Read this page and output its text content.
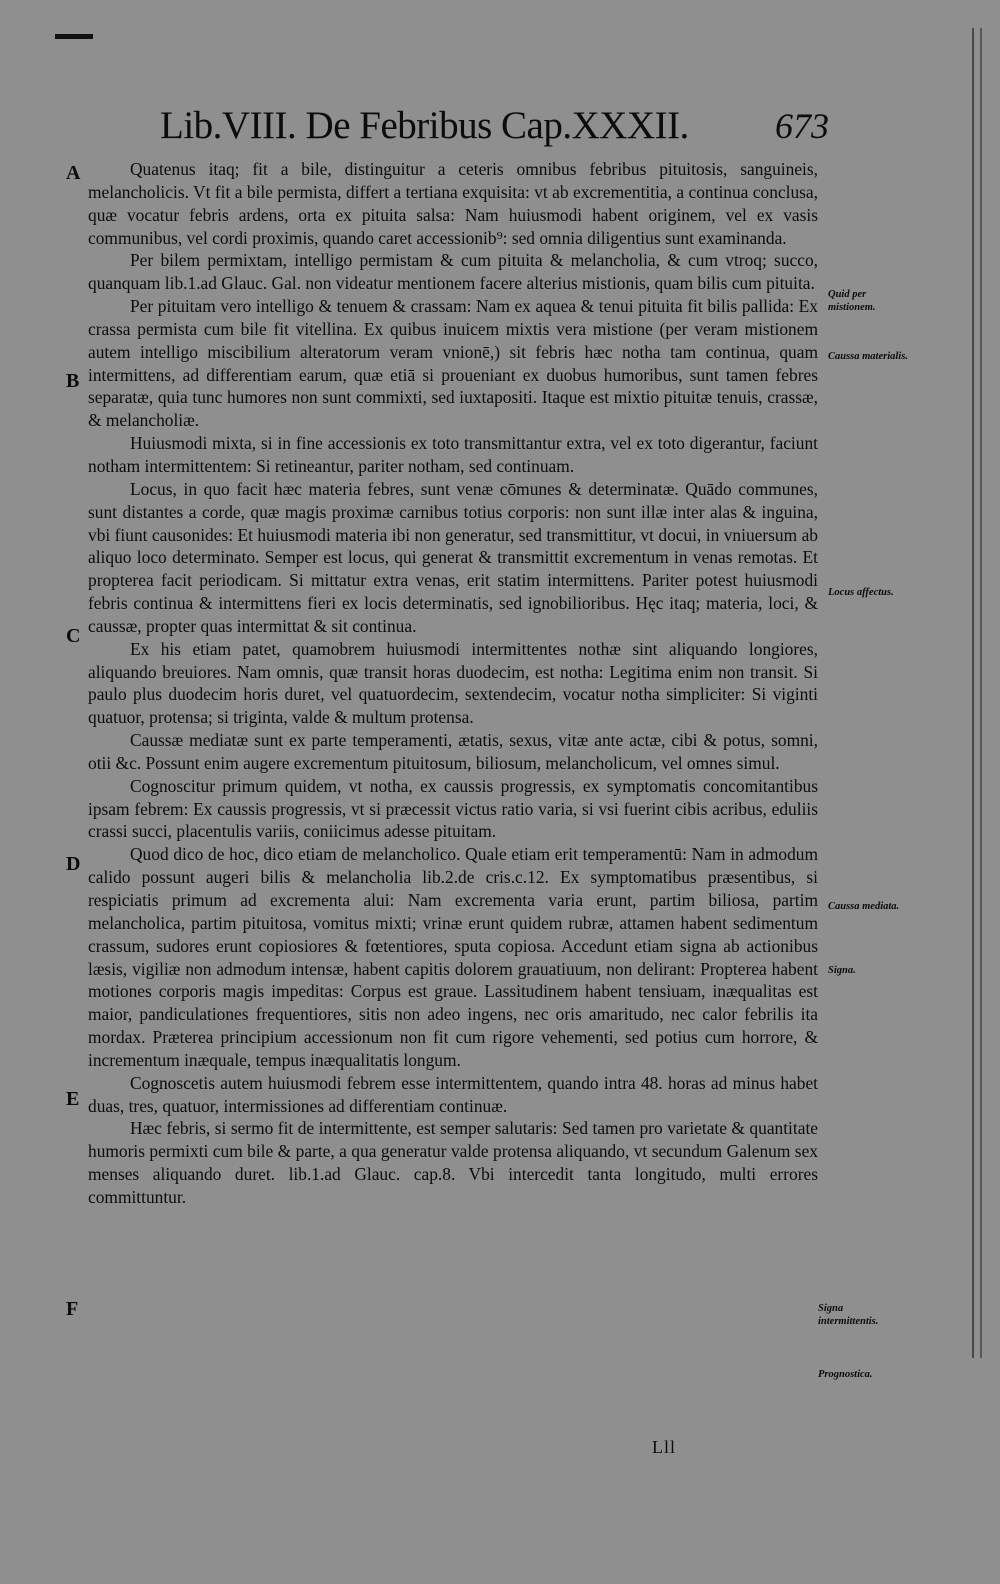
Lib.VIII. De Febribus Cap.XXXII. 673
A
B
C
D
E
F
Quid per mistionem.
Caussa materialis.
Locus affectus.
Caussa mediata.
Signa.
Signa intermittentis.
Prognostica.

Quatenus itaq; fit a bile, distinguitur a ceteris omnibus febribus pituitosis, sanguineis, melancholicis. Vt fit a bile permista, differt a tertiana exquisita: vt ab excrementitia, a continua conclusa, quæ vocatur febris ardens, orta ex pituita salsa: Nam huiusmodi habent originem, vel ex vasis communibus, vel cordi proximis, quando caret accessionib⁹: sed omnia diligentius sunt examinanda.

Per bilem permixtam, intelligo permistam & cum pituita & melancholia, & cum vtroq; succo, quanquam lib.1.ad Glauc. Gal. non videatur mentionem facere alterius mistionis, quam bilis cum pituita.

Per pituitam vero intelligo & tenuem & crassam: Nam ex aquea & tenui pituita fit bilis pallida: Ex crassa permista cum bile fit vitellina. Ex quibus inuicem mixtis vera mistione (per veram mistionem autem intelligo miscibilium alteratorum veram vnionē,) sit febris hæc notha tam continua, quam intermittens, ad differentiam earum, quæ etiā si proueniant ex duobus humoribus, sunt tamen febres separatæ, quia tunc humores non sunt commixti, sed iuxtapositi. Itaque est mixtio pituitæ tenuis, crassæ, & melancholiæ.

Huiusmodi mixta, si in fine accessionis ex toto transmittantur extra, vel ex toto digerantur, faciunt notham intermittentem: Si retineantur, pariter notham, sed continuam.

Locus, in quo facit hæc materia febres, sunt venæ cōmunes & determinatæ. Quādo communes, sunt distantes a corde, quæ magis proximæ carnibus totius corporis: non sunt illæ inter alas & inguina, vbi fiunt causonides: Et huiusmodi materia ibi non generatur, sed transmittitur, vt docui, in vniuersum ab aliquo loco determinato. Semper est locus, qui generat & transmittit excrementum in venas remotas. Et propterea facit periodicam. Si mittatur extra venas, erit statim intermittens. Pariter potest huiusmodi febris continua & intermittens fieri ex locis determinatis, sed ignobilioribus. Hęc itaq; materia, loci, & caussæ, propter quas intermittat & sit continua.

Ex his etiam patet, quamobrem huiusmodi intermittentes nothæ sint aliquando longiores, aliquando breuiores. Nam omnis, quæ transit horas duodecim, est notha: Legitima enim non transit. Si paulo plus duodecim horis duret, vel quatuordecim, sextendecim, vocatur notha simpliciter: Si viginti quatuor, protensa; si triginta, valde & multum protensa.

Caussæ mediatæ sunt ex parte temperamenti, ætatis, sexus, vitæ ante actæ, cibi & potus, somni, otii &c. Possunt enim augere excrementum pituitosum, biliosum, melancholicum, vel omnes simul.

Cognoscitur primum quidem, vt notha, ex caussis progressis, ex symptomatis concomitantibus ipsam febrem: Ex caussis progressis, vt si præcessit victus ratio varia, si vsi fuerint cibis acribus, eduliis crassi succi, placentulis variis, coniicimus adesse pituitam.

Quod dico de hoc, dico etiam de melancholico. Quale etiam erit temperamentū: Nam in admodum calido possunt augeri bilis & melancholia lib.2.de cris.c.12. Ex symptomatibus præsentibus, si respiciatis primum ad excrementa alui: Nam excrementa varia erunt, partim biliosa, partim melancholica, partim pituitosa, vomitus mixti; vrinæ erunt quidem rubræ, attamen habent sedimentum crassum, sudores erunt copiosiores & fœtentiores, sputa copiosa. Accedunt etiam signa ab actionibus læsis, vigiliæ non admodum intensæ, habent capitis dolorem grauatiuum, non delirant: Propterea habent motiones corporis magis impeditas: Corpus est graue. Lassitudinem habent tensiuam, inæqualitas est maior, pandiculationes frequentiores, sitis non adeo ingens, nec oris amaritudo, nec calor febrilis ita mordax. Præterea principium accessionum non fit cum rigore vehementi, sed potius cum horrore, & incrementum inæquale, tempus inæqualitatis longum.

Cognoscetis autem huiusmodi febrem esse intermittentem, quando intra 48. horas ad minus habet duas, tres, quatuor, intermissiones ad differentiam continuæ.

Hæc febris, si sermo fit de intermittente, est semper salutaris: Sed tamen pro varietate & quantitate humoris permixti cum bile & parte, a qua generatur valde protensa aliquando, vt secundum Galenum sex menses aliquando duret. lib.1.ad Glauc. cap.8. Vbi intercedit tanta longitudo, multi errores committuntur.

Lll
